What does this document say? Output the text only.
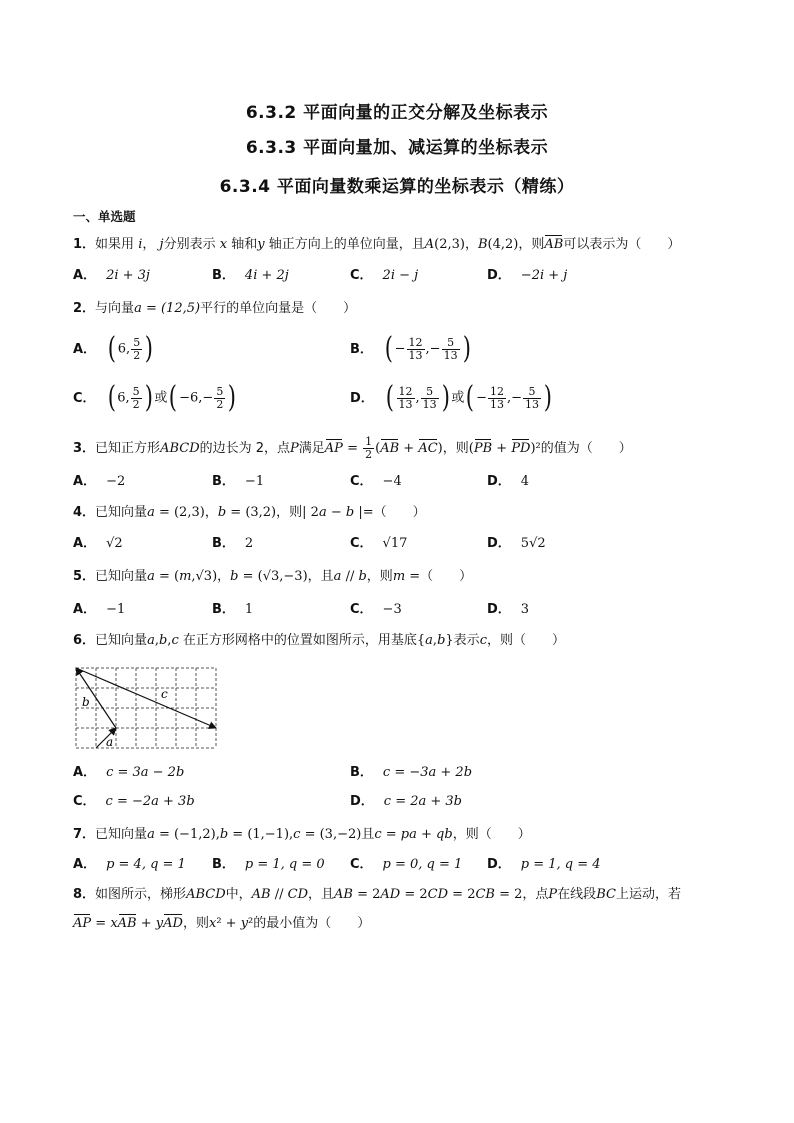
6.3.2 平面向量的正交分解及坐标表示
6.3.3 平面向量加、减运算的坐标表示
6.3.4 平面向量数乘运算的坐标表示（精练）
一、单选题
1．如果用 i， j分别表示 x 轴和y 轴正方向上的单位向量，且A(2,3)，B(4,2)，则AB可以表示为（　　）
A． 2i + 3j	B． 4i + 2j	C． 2i − j	D． −2i + j
2．与向量a = (12,5)平行的单位向量是（　　）
A． ( 6, $\frac{5}{2}$ )	B． ( − $\frac{12}{13}$ ,− $\frac{5}{13}$ )
C． ( 6, $\frac{5}{2}$ ) 或( $-6,- \frac{5}{2}$ )	D． ( $\frac{12}{13}$ , $\frac{5}{13}$ ) 或( − $\frac{12}{13}$ ,− $\frac{5}{13}$ )
3．已知正方形ABCD的边长为 2，点P满足AP = $\frac{1}{2} (AB + AC)$，则(PB + PD)²的值为（　　）
A． −2	B． −1	C． −4	D． 4
4．已知向量a = (2,3)，b = (3,2)，则| 2a − b |=（　　）
A． √2	B． 2	C． √17	D． 5√2
5．已知向量a = (m,√3)，b = (√3,−3)，且a // b，则m =（　　）
A． −1	B． 1	C． −3	D． 3
6．已知向量a,b,c 在正方形网格中的位置如图所示，用基底{a,b}表示c，则（　　）
c
b
a
A． c = 3a − 2b	B． c = −3a + 2b
C． c = −2a + 3b	D． c = 2a + 3b
7．已知向量a = (−1,2),b = (1,−1),c = (3,−2)且c = pa + qb，则（　　）
A． p = 4, q = 1 B． p = 1, q = 0 C． p = 0, q = 1 D． p = 1, q = 4
8．如图所示，梯形ABCD中，AB // CD，且AB = 2AD = 2CD = 2CB = 2，点P在线段BC上运动，若
AP = xAB + yAD，则x² + y²的最小值为（　　）
